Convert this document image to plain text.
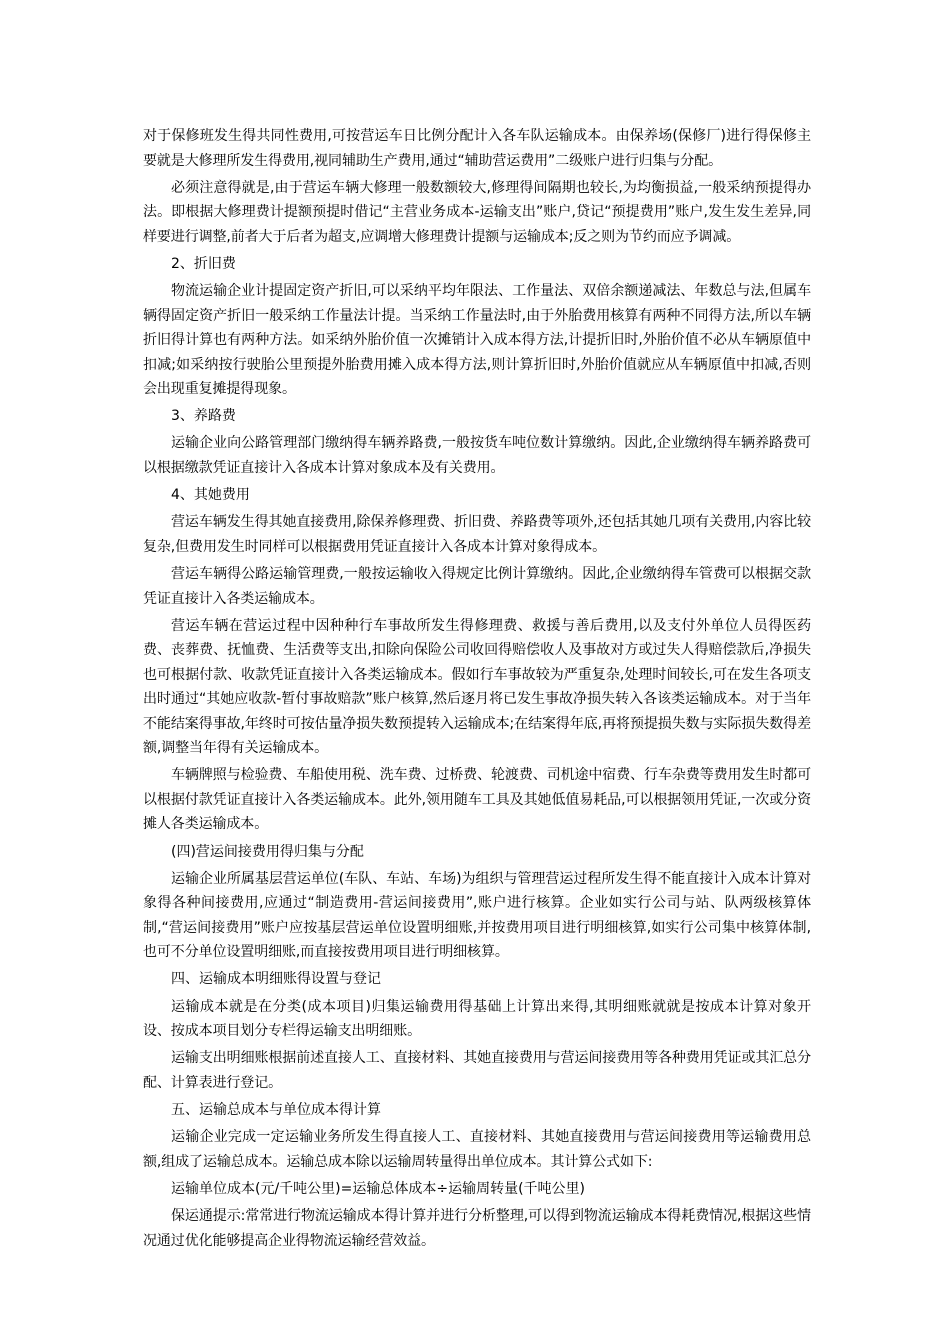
对于保修班发生得共同性费用,可按营运车日比例分配计入各车队运输成本。由保养场(保修厂)进行得保修主要就是大修理所发生得费用,视同辅助生产费用,通过“辅助营运费用”二级账户进行归集与分配。

必须注意得就是,由于营运车辆大修理一般数额较大,修理得间隔期也较长,为均衡损益,一般采纳预提得办法。即根据大修理费计提额预提时借记“主营业务成本-运输支出”账户,贷记“预提费用”账户,发生发生差异,同样要进行调整,前者大于后者为超支,应调增大修理费计提额与运输成本;反之则为节约而应予调减。

2、折旧费

物流运输企业计提固定资产折旧,可以采纳平均年限法、工作量法、双倍余额递减法、年数总与法,但属车辆得固定资产折旧一般采纳工作量法计提。当采纳工作量法时,由于外胎费用核算有两种不同得方法,所以车辆折旧得计算也有两种方法。如采纳外胎价值一次摊销计入成本得方法,计提折旧时,外胎价值不必从车辆原值中扣减;如采纳按行驶胎公里预提外胎费用摊入成本得方法,则计算折旧时,外胎价值就应从车辆原值中扣减,否则会出现重复摊提得现象。

3、养路费

运输企业向公路管理部门缴纳得车辆养路费,一般按货车吨位数计算缴纳。因此,企业缴纳得车辆养路费可以根据缴款凭证直接计入各成本计算对象成本及有关费用。

4、其她费用

营运车辆发生得其她直接费用,除保养修理费、折旧费、养路费等项外,还包括其她几项有关费用,内容比较复杂,但费用发生时同样可以根据费用凭证直接计入各成本计算对象得成本。

营运车辆得公路运输管理费,一般按运输收入得规定比例计算缴纳。因此,企业缴纳得车管费可以根据交款凭证直接计入各类运输成本。

营运车辆在营运过程中因种种行车事故所发生得修理费、救援与善后费用,以及支付外单位人员得医药费、丧葬费、抚恤费、生活费等支出,扣除向保险公司收回得赔偿收人及事故对方或过失人得赔偿款后,净损失也可根据付款、收款凭证直接计入各类运输成本。假如行车事故较为严重复杂,处理时间较长,可在发生各项支出时通过“其她应收款-暂付事故赔款”账户核算,然后逐月将已发生事故净损失转入各该类运输成本。对于当年不能结案得事故,年终时可按估量净损失数预提转入运输成本;在结案得年底,再将预提损失数与实际损失数得差额,调整当年得有关运输成本。

车辆牌照与检验费、车船使用税、洗车费、过桥费、轮渡费、司机途中宿费、行车杂费等费用发生时都可以根据付款凭证直接计入各类运输成本。此外,领用随车工具及其她低值易耗品,可以根据领用凭证,一次或分资摊人各类运输成本。

(四)营运间接费用得归集与分配

运输企业所属基层营运单位(车队、车站、车场)为组织与管理营运过程所发生得不能直接计入成本计算对象得各种间接费用,应通过“制造费用-营运间接费用”,账户进行核算。企业如实行公司与站、队两级核算体制,“营运间接费用”账户应按基层营运单位设置明细账,并按费用项目进行明细核算,如实行公司集中核算体制,也可不分单位设置明细账,而直接按费用项目进行明细核算。

四、运输成本明细账得设置与登记

运输成本就是在分类(成本项目)归集运输费用得基础上计算出来得,其明细账就就是按成本计算对象开设、按成本项目划分专栏得运输支出明细账。

运输支出明细账根据前述直接人工、直接材料、其她直接费用与营运间接费用等各种费用凭证或其汇总分配、计算表进行登记。

五、运输总成本与单位成本得计算

运输企业完成一定运输业务所发生得直接人工、直接材料、其她直接费用与营运间接费用等运输费用总额,组成了运输总成本。运输总成本除以运输周转量得出单位成本。其计算公式如下:

运输单位成本(元/千吨公里)=运输总体成本÷运输周转量(千吨公里)

保运通提示:常常进行物流运输成本得计算并进行分析整理,可以得到物流运输成本得耗费情况,根据这些情况通过优化能够提高企业得物流运输经营效益。
